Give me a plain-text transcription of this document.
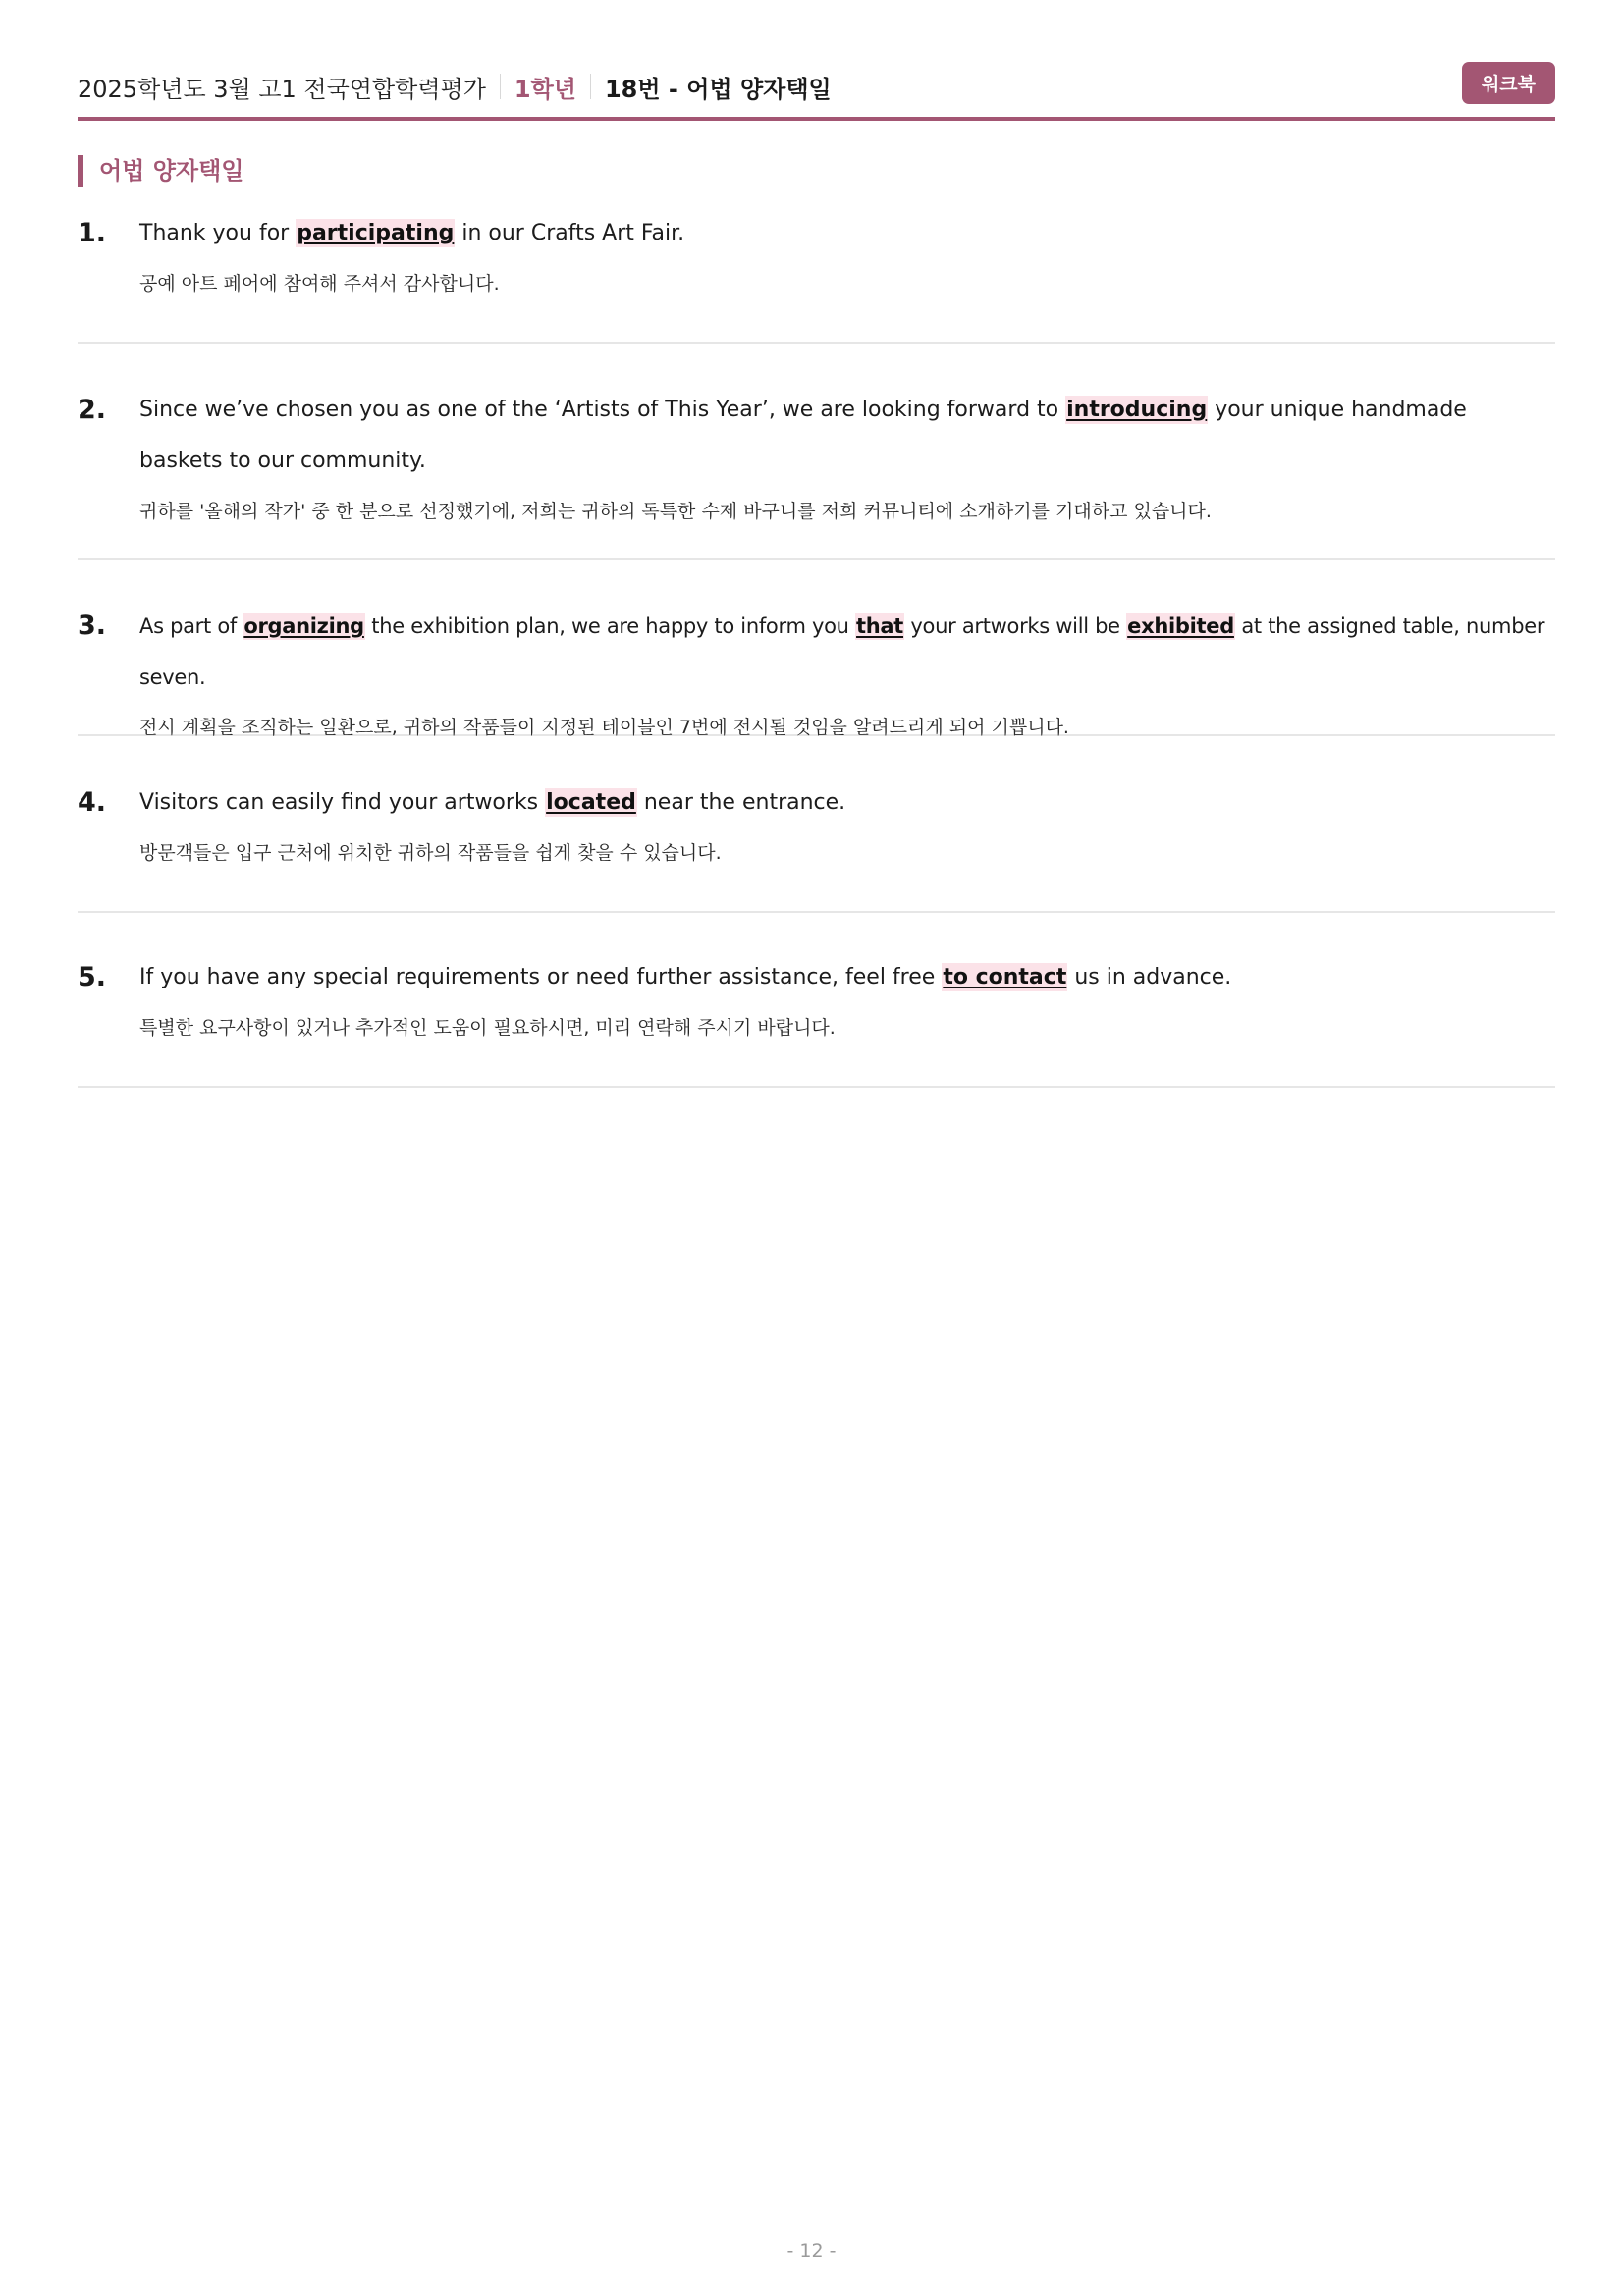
2025학년도 3월 고1 전국연합학력평가 1학년 18번 - 어법 양자택일	워크북
어법 양자택일
1. Thank you for participating in our Crafts Art Fair.
공예 아트 페어에 참여해 주셔서 감사합니다.
2. Since we’ve chosen you as one of the ‘Artists of This Year’, we are looking forward to introducing your unique handmade baskets to our community.
귀하를 '올해의 작가' 중 한 분으로 선정했기에, 저희는 귀하의 독특한 수제 바구니를 저희 커뮤니티에 소개하기를 기대하고 있습니다.
3. As part of organizing the exhibition plan, we are happy to inform you that your artworks will be exhibited at the assigned table, number seven.
전시 계획을 조직하는 일환으로, 귀하의 작품들이 지정된 테이블인 7번에 전시될 것임을 알려드리게 되어 기쁩니다.
4. Visitors can easily find your artworks located near the entrance.
방문객들은 입구 근처에 위치한 귀하의 작품들을 쉽게 찾을 수 있습니다.
5. If you have any special requirements or need further assistance, feel free to contact us in advance.
특별한 요구사항이 있거나 추가적인 도움이 필요하시면, 미리 연락해 주시기 바랍니다.
- 12 -
